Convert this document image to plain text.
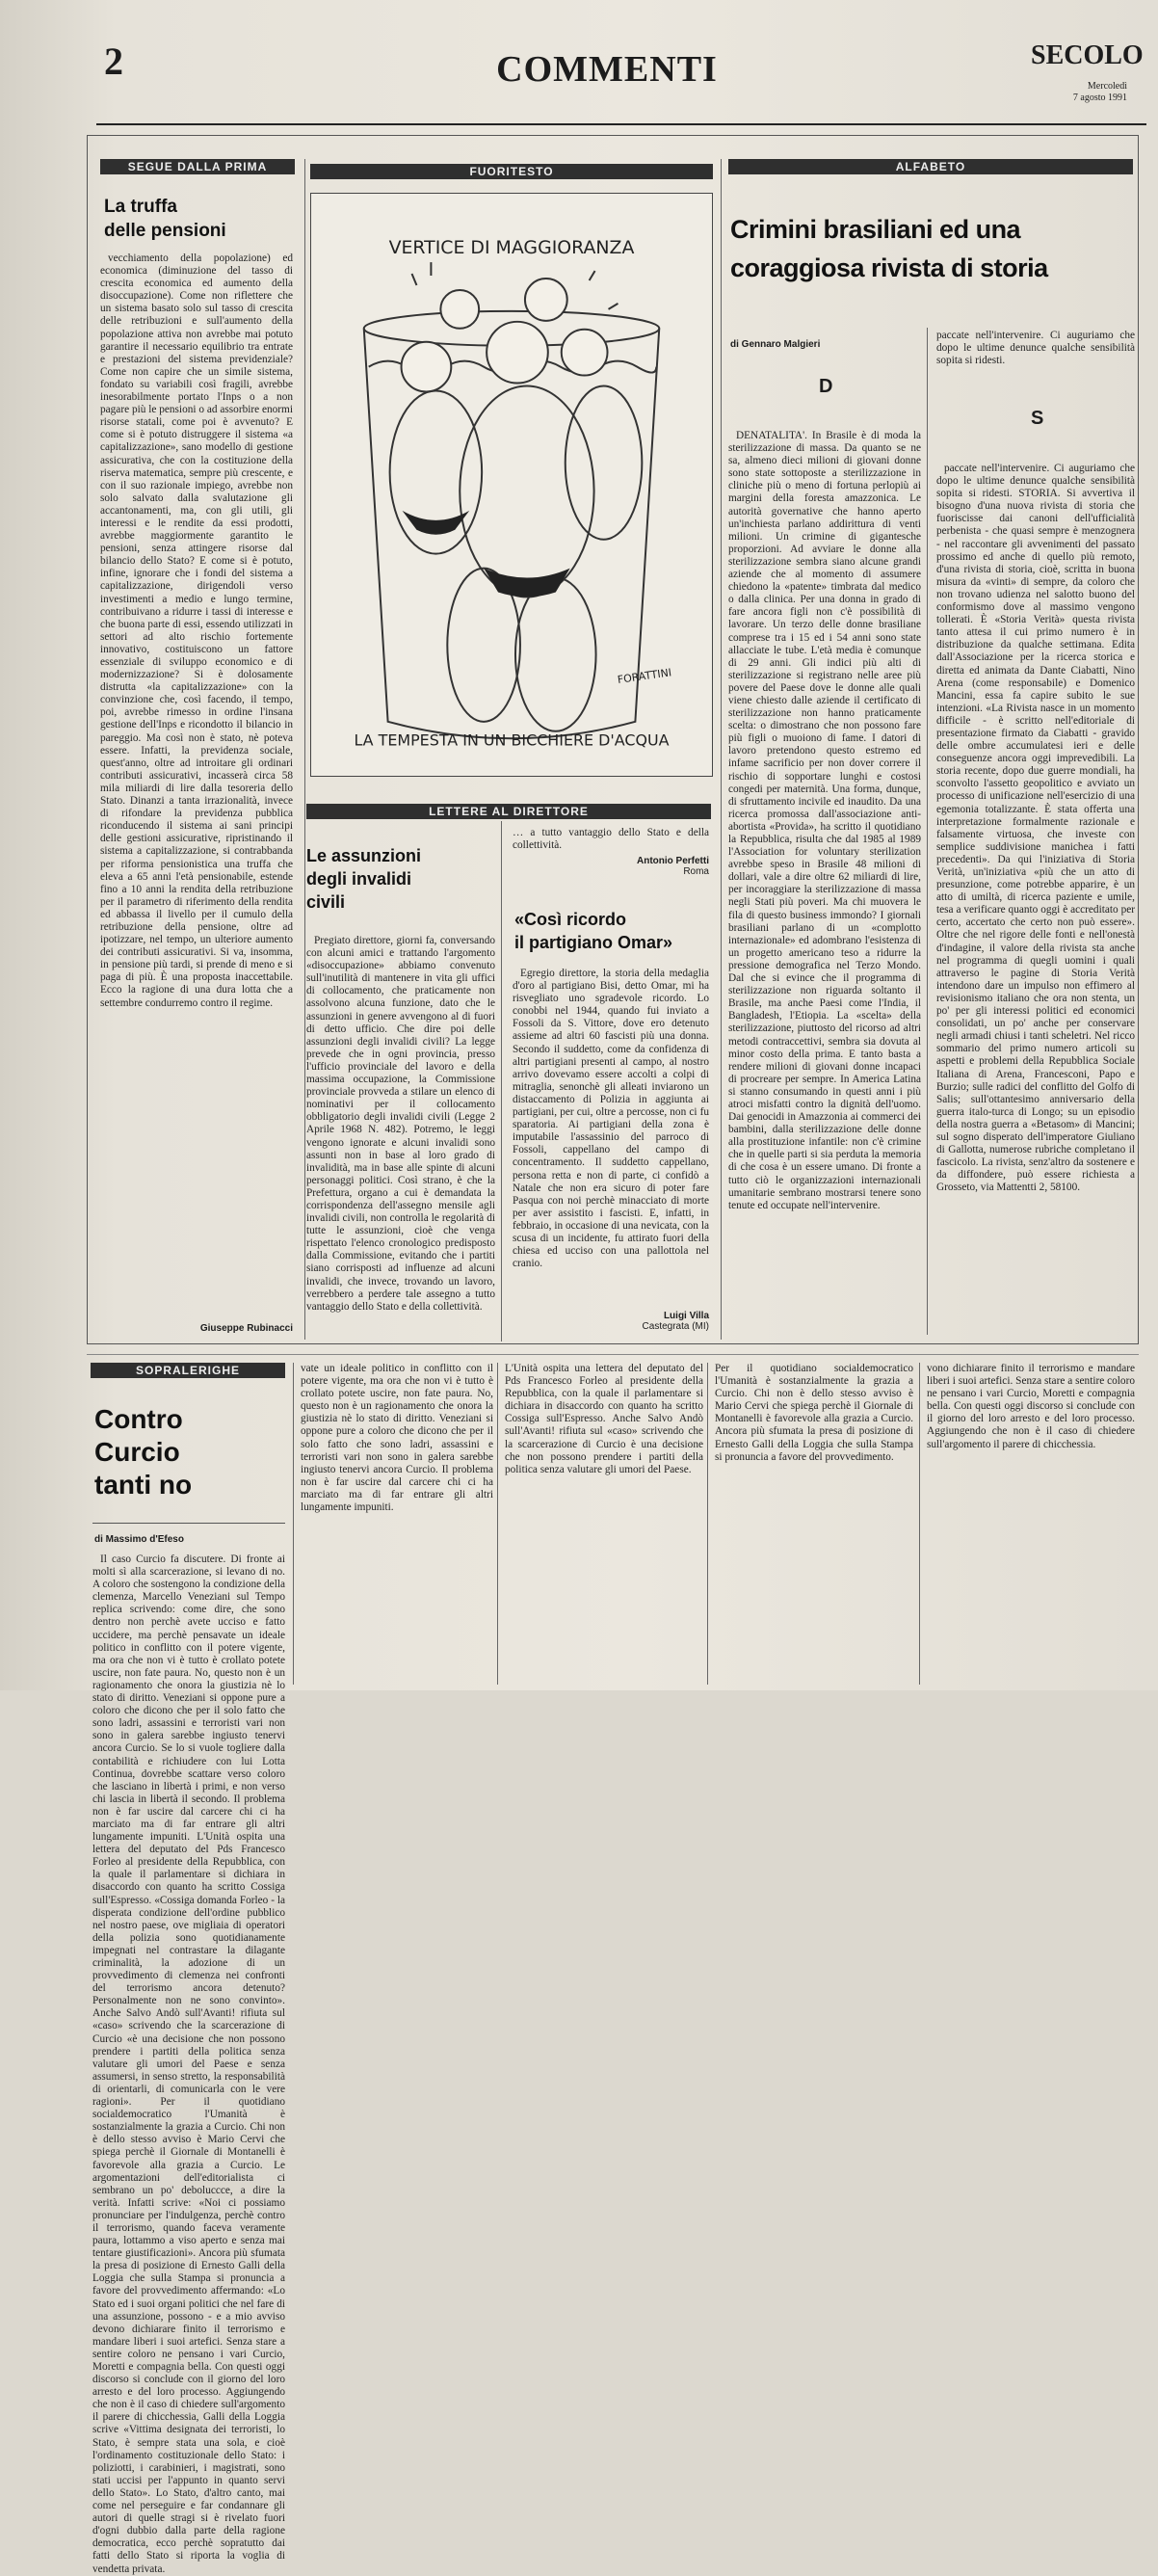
2	COMMENTI	SECOLO
Mercoledì
7 agosto 1991
SEGUE DALLA PRIMA
La truffa
delle pensioni

vecchiamento della popolazione) ed economica (diminuzione del tasso di crescita economica ed aumento della disoccupazione). Come non riflettere che un sistema basato solo sul tasso di crescita delle retribuzioni e sull'aumento della popolazione attiva non avrebbe mai potuto garantire il necessario equilibrio tra entrate e prestazioni del sistema previdenziale? Come non capire che un simile sistema, fondato su variabili così fragili, avrebbe inesorabilmente portato l'Inps o a non pagare più le pensioni o ad assorbire enormi risorse statali, come poi è avvenuto? E come si è potuto distruggere il sistema «a capitalizzazione», sano modello di gestione assicurativa, che con la costituzione della riserva matematica, sempre più crescente, e con il suo razionale impiego, avrebbe non solo salvato dalla svalutazione gli accantonamenti, ma, con gli utili, gli interessi e le rendite da essi prodotti, avrebbe maggiormente garantito le pensioni, senza attingere risorse dal bilancio dello Stato? E come si è potuto, infine, ignorare che i fondi del sistema a capitalizzazione, dirigendoli verso investimenti a medio e lungo termine, contribuivano a ridurre i tassi di interesse e che buona parte di essi, essendo utilizzati in settori ad alto rischio fortemente innovativo, costituiscono un fattore essenziale di sviluppo economico e di modernizzazione? Si è dolosamente distrutta «la capitalizzazione» con la convinzione che, così facendo, il tempo, poi, avrebbe rimesso in ordine l'insana gestione dell'Inps e ricondotto il bilancio in pareggio. Ma così non è stato, nè poteva essere. Infatti, la previdenza sociale, quest'anno, oltre ad introitare gli ordinari contributi assicurativi, incasserà circa 58 mila miliardi di lire dalla tesoreria dello Stato. Dinanzi a tanta irrazionalità, invece di rifondare la previdenza pubblica riconducendo il sistema ai sani principi delle gestioni assicurative, ripristinando il sistema a capitalizzazione, si contrabbanda per riforma pensionistica una truffa che eleva a 65 anni l'età pensionabile, estende fino a 10 anni la rendita della retribuzione per il parametro di riferimento della rendita ed abbassa il livello per il cumulo della retribuzione della pensione, oltre ad ipotizzare, nel tempo, un ulteriore aumento dei contributi assicurativi. Si va, insomma, in pensione più tardi, si prende di meno e si paga di più. È una proposta inaccettabile. Ecco la ragione di una dura lotta che a settembre condurremo contro il regime.

Giuseppe Rubinacci
FUORITESTO
VERTICE DI MAGGIORANZA
FORATTINI
LA TEMPESTA IN UN BICCHIERE D'ACQUA
LETTERE AL DIRETTORE
Le assunzioni
degli invalidi
civili

Pregiato direttore, giorni fa, conversando con alcuni amici e trattando l'argomento «disoccupazione» abbiamo convenuto sull'inutilità di mantenere in vita gli uffici di collocamento, che praticamente non assolvono alcuna funzione, dato che le assunzioni in genere avvengono al di fuori di detto ufficio. Che dire poi delle assunzioni degli invalidi civili? La legge prevede che in ogni provincia, presso l'ufficio provinciale del lavoro e della massima occupazione, la Commissione provinciale provveda a stilare un elenco di nominativi per il collocamento obbligatorio degli invalidi civili (Legge 2 Aprile 1968 N. 482). Potremo, le leggi vengono ignorate e alcuni invalidi sono assunti non in base al loro grado di invalidità, ma in base alle spinte di alcuni personaggi politici. Così strano, è che la Prefettura, organo a cui è demandata la corrispondenza dell'assegno mensile agli invalidi civili, non controlla le regolarità di tutte le assunzioni, cioè che venga rispettato l'elenco cronologico predisposto dalla Commissione, evitando che i partiti siano corrisposti ad influenze ad alcuni invalidi, che invece, trovando un lavoro, verrebbero a perdere tale assegno a tutto vantaggio dello Stato e della collettività.

… a tutto vantaggio dello Stato e della collettività.

Antonio Perfetti
Roma
«Così ricordo
il partigiano Omar»

Egregio direttore, la storia della medaglia d'oro al partigiano Bisi, detto Omar, mi ha risvegliato uno sgradevole ricordo. Lo conobbi nel 1944, quando fui inviato a Fossoli da S. Vittore, dove ero detenuto assieme ad altri 60 fascisti più una donna. Secondo il suddetto, come da confidenza di altri partigiani presenti al campo, al nostro arrivo dovevamo essere accolti a colpi di mitraglia, senonchè gli alleati inviarono un distaccamento di Polizia in aggiunta ai partigiani, per cui, oltre a percosse, non ci fu sparatoria. Ai partigiani della zona è imputabile l'assassinio del parroco di Fossoli, cappellano del campo di concentramento. Il suddetto cappellano, persona retta e non di parte, ci confidò a Natale che non era sicuro di poter fare Pasqua con noi perchè minacciato di morte per aver assistito i fascisti. E, infatti, in febbraio, in occasione di una nevicata, con la scusa di un incidente, fu attirato fuori della chiesa ed ucciso con una pallottola nel cranio.

Luigi Villa
Castegrata (MI)
ALFABETO
Crimini brasiliani ed una
coraggiosa rivista di storia
di Gennaro Malgieri
D

DENATALITA'. In Brasile è di moda la sterilizzazione di massa. Da quanto se ne sa, almeno dieci milioni di giovani donne sono state sottoposte a sterilizzazione in cliniche più o meno di fortuna perlopiù ai margini della foresta amazzonica. Le autorità governative che hanno aperto un'inchiesta parlano addirittura di venti milioni. Un crimine di gigantesche proporzioni. Ad avviare le donne alla sterilizzazione sembra siano alcune grandi aziende che al momento di assumere chiedono la «patente» timbrata dal medico o dalla clinica. Per una donna in grado di fare ancora figli non c'è possibilità di lavorare. Un terzo delle donne brasiliane comprese tra i 15 ed i 54 anni sono state allacciate le tube. L'età media è comunque di 29 anni. Gli indici più alti di sterilizzazione si registrano nelle aree più povere del Paese dove le donne alle quali viene chiesto dalle aziende il certificato di sterilizzazione non hanno praticamente scelta: o dimostrano che non possono fare più figli o muoiono di fame. I datori di lavoro pretendono questo estremo ed infame sacrificio per non dover correre il rischio di sopportare lunghi e costosi congedi per maternità. Una forma, dunque, di sfruttamento incivile ed inaudito. Da una ricerca promossa dall'associazione anti-abortista «Provida», ha scritto il quotidiano la Repubblica, risulta che dal 1985 al 1989 l'Association for voluntary sterilization avrebbe speso in Brasile 48 milioni di dollari, vale a dire oltre 62 miliardi di lire, per incoraggiare la sterilizzazione di massa negli Stati più poveri. Ma chi muovera le fila di questo business immondo? I giornali brasiliani parlano di un «complotto internazionale» ed adombrano l'esistenza di un progetto americano teso a ridurre la pressione demografica nel Terzo Mondo. Dal che si evince che il programma di sterilizzazione non riguarda soltanto il Brasile, ma anche Paesi come l'India, il Bangladesh, l'Etiopia. La «scelta» della sterilizzazione, piuttosto del ricorso ad altri metodi contraccettivi, sembra sia dovuta al minor costo della prima. E tanto basta a rendere milioni di giovani donne incapaci di procreare per sempre. In America Latina si stanno consumando in questi anni i più atroci misfatti contro la dignità dell'uomo. Dai genocidi in Amazzonia ai commerci dei bambini, dalla sterilizzazione delle donne alla prostituzione infantile: non c'è crimine che in quelle parti si sia perduta la memoria di che cosa è un essere umano. Di fronte a tutto ciò le organizzazioni internazionali umanitarie sembrano mostrarsi tenere sono tenute ed occupate nell'intervenire.

S

paccate nell'intervenire. Ci auguriamo che dopo le ultime denunce qualche sensibilità sopita si ridesti.

paccate nell'intervenire. Ci auguriamo che dopo le ultime denunce qualche sensibilità sopita si ridesti. STORIA. Si avvertiva il bisogno d'una nuova rivista di storia che fuoriscisse dai canoni dell'ufficialità perbenista - che quasi sempre è menzognera - nel raccontare gli avvenimenti del passato prossimo ed anche di quello più remoto, d'una rivista di storia, cioè, scritta in buona misura da «vinti» di sempre, da coloro che non trovano udienza nel salotto buono del conformismo dove al massimo vengono tollerati. È «Storia Verità» questa rivista tanto attesa il cui primo numero è in distribuzione da qualche settimana. Edita dall'Associazione per la ricerca storica e diretta ed animata da Dante Ciabatti, Nino Arena (come responsabile) e Domenico Mancini, essa fa capire subito le sue intenzioni. «La Rivista nasce in un momento difficile - è scritto nell'editoriale di presentazione firmato da Ciabatti - gravido delle ombre accumulatesi ieri e delle conseguenze ancora oggi imprevedibili. La storia recente, dopo due guerre mondiali, ha sconvolto l'assetto geopolitico e avviato un processo di unificazione nell'esercizio di una egemonia totalizzante. È stata offerta una interpretazione formalmente razionale e falsamente virtuosa, che investe con semplice suddivisione manichea i fatti precedenti». Da qui l'iniziativa di Storia Verità, un'iniziativa «più che un atto di presunzione, come potrebbe apparire, è un atto di umiltà, di ricerca paziente e umile, tesa a verificare quanto oggi è accreditato per certo, accertato che certo non può essere». Oltre che nel rigore delle fonti e nell'onestà d'indagine, il valore della rivista sta anche nel programma di quegli uomini i quali attraverso le pagine di Storia Verità intendono dare un impulso non effimero al revisionismo italiano che ora non stenta, un po' per gli interessi politici ed economici consolidati, un po' anche per conservare negli armadi chiusi i tanti scheletri. Nel ricco sommario del primo numero articoli su aspetti e problemi della Repubblica Sociale Italiana di Arena, Francesconi, Papo e Burzio; sulle radici del conflitto del Golfo di Salis; sull'ottantesimo anniversario della guerra italo-turca di Longo; su un episodio della nostra guerra a «Betasom» di Mancini; sul sogno disperato dell'imperatore Giuliano di Gallotta, numerose rubriche completano il fascicolo. La rivista, senz'altro da sostenere e da diffondere, può essere richiesta a Grosseto, via Mattentti 2, 58100.

SOPRALERIGHE
Contro
Curcio
tanti no
di Massimo d'Efeso

Il caso Curcio fa discutere. Di fronte ai molti sì alla scarcerazione, si levano di no. A coloro che sostengono la condizione della clemenza, Marcello Veneziani sul Tempo replica scrivendo: come dire, che sono dentro non perchè avete ucciso e fatto uccidere, ma perchè pensavate un ideale politico in conflitto con il potere vigente, ma ora che non vi è tutto è crollato potete uscire, non fate paura. No, questo non è un ragionamento che onora la giustizia nè lo stato di diritto. Veneziani si oppone pure a coloro che dicono che per il solo fatto che sono ladri, assassini e terroristi vari non sono in galera sarebbe ingiusto tenervi ancora Curcio. Se lo si vuole togliere dalla contabilità e richiudere con lui Lotta Continua, dovrebbe scattare verso coloro che lasciano in libertà i primi, e non verso chi lascia in libertà il secondo. Il problema non è far uscire dal carcere chi ci ha marciato ma di far entrare gli altri lungamente impuniti. L'Unità ospita una lettera del deputato del Pds Francesco Forleo al presidente della Repubblica, con la quale il parlamentare si dichiara in disaccordo con quanto ha scritto Cossiga sull'Espresso. «Cossiga domanda Forleo - la disperata condizione dell'ordine pubblico nel nostro paese, ove migliaia di operatori della polizia sono quotidianamente impegnati nel contrastare la dilagante criminalità, la adozione di un provvedimento di clemenza nei confronti del terrorismo ancora detenuto? Personalmente non ne sono convinto». Anche Salvo Andò sull'Avanti! rifiuta sul «caso» scrivendo che la scarcerazione di Curcio «è una decisione che non possono prendere i partiti della politica senza valutare gli umori del Paese e senza assumersi, in senso stretto, la responsabilità di orientarli, di comunicarla con le vere ragioni». Per il quotidiano socialdemocratico l'Umanità è sostanzialmente la grazia a Curcio. Chi non è dello stesso avviso è Mario Cervi che spiega perchè il Giornale di Montanelli è favorevole alla grazia a Curcio. Le argomentazioni dell'editorialista ci sembrano un po' deboluccce, a dire la verità. Infatti scrive: «Noi ci possiamo pronunciare per l'indulgenza, perchè contro il terrorismo, quando faceva veramente paura, lottammo a viso aperto e senza mai tentare giustificazioni». Ancora più sfumata la presa di posizione di Ernesto Galli della Loggia che sulla Stampa si pronuncia a favore del provvedimento affermando: «Lo Stato ed i suoi organi politici che nel fare di una assunzione, possono - e a mio avviso devono dichiarare finito il terrorismo e mandare liberi i suoi artefici. Senza stare a sentire coloro ne pensano i vari Curcio, Moretti e compagnia bella. Con questi oggi discorso si conclude con il giorno del loro arresto e del loro processo. Aggiungendo che non è il caso di chiedere sull'argomento il parere di chicchessia, Galli della Loggia scrive «Vittima designata dei terroristi, lo Stato, è sempre stata una sola, e cioè l'ordinamento costituzionale dello Stato: i poliziotti, i carabinieri, i magistrati, sono stati uccisi per l'appunto in quanto servi dello Stato». Lo Stato, d'altro canto, mai come nel perseguire e far condannare gli autori di quelle stragi si è rivelato fuori d'ogni dubbio dalla parte della ragione democratica, ecco perchè sopratutto dai fatti dello Stato si riporta la voglia di vendetta privata.

vate un ideale politico in conflitto con il potere vigente, ma ora che non vi è tutto è crollato potete uscire, non fate paura. No, questo non è un ragionamento che onora la giustizia nè lo stato di diritto. Veneziani si oppone pure a coloro che dicono che per il solo fatto che sono ladri, assassini e terroristi vari non sono in galera sarebbe ingiusto tenervi ancora Curcio. Il problema non è far uscire dal carcere chi ci ha marciato ma di far entrare gli altri lungamente impuniti.

L'Unità ospita una lettera del deputato del Pds Francesco Forleo al presidente della Repubblica, con la quale il parlamentare si dichiara in disaccordo con quanto ha scritto Cossiga sull'Espresso. Anche Salvo Andò sull'Avanti! rifiuta sul «caso» scrivendo che la scarcerazione di Curcio è una decisione che non possono prendere i partiti della politica senza valutare gli umori del Paese.

Per il quotidiano socialdemocratico l'Umanità è sostanzialmente la grazia a Curcio. Chi non è dello stesso avviso è Mario Cervi che spiega perchè il Giornale di Montanelli è favorevole alla grazia a Curcio. Ancora più sfumata la presa di posizione di Ernesto Galli della Loggia che sulla Stampa si pronuncia a favore del provvedimento.

vono dichiarare finito il terrorismo e mandare liberi i suoi artefici. Senza stare a sentire coloro ne pensano i vari Curcio, Moretti e compagnia bella. Con questi oggi discorso si conclude con il giorno del loro arresto e del loro processo. Aggiungendo che non è il caso di chiedere sull'argomento il parere di chicchessia.
